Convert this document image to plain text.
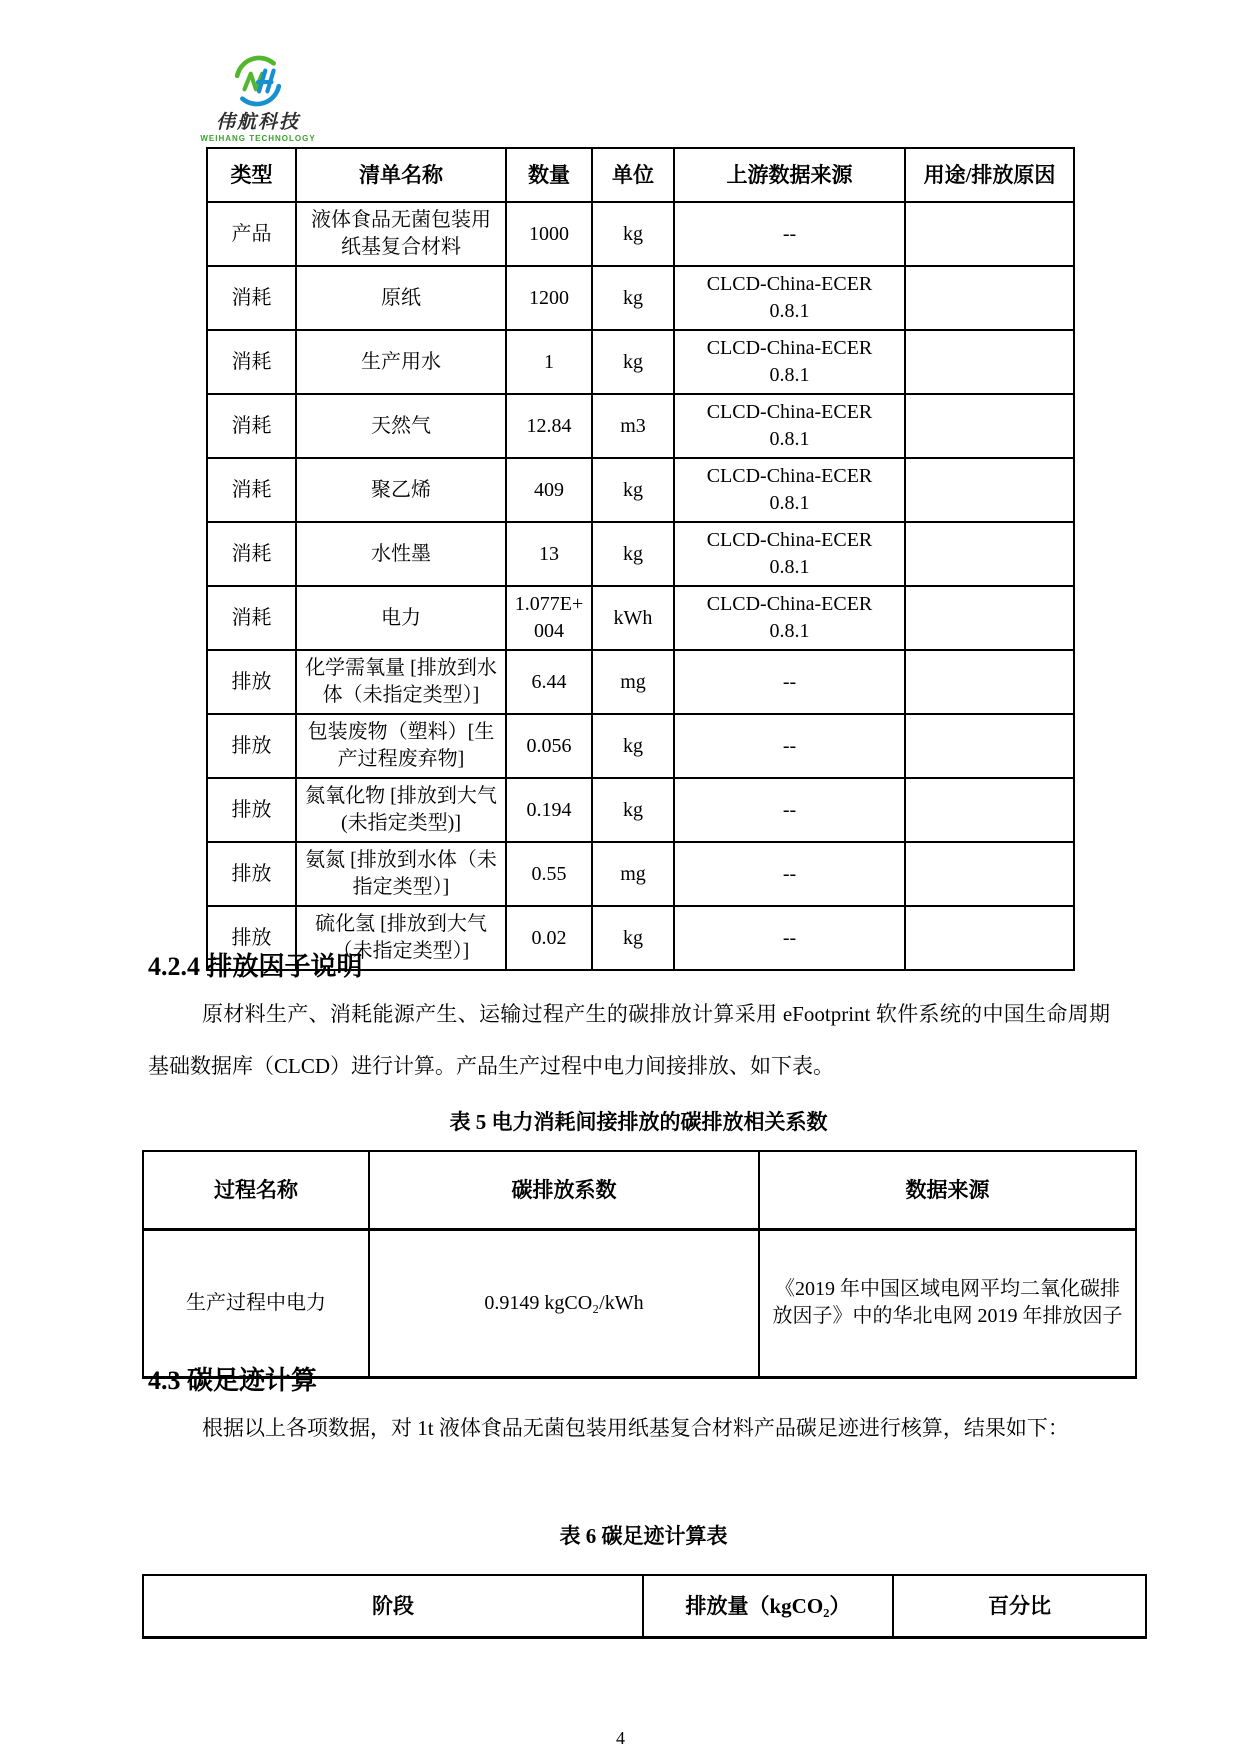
伟航科技
WEIHANG TECHNOLOGY
类型	清单名称	数量	单位	上游数据来源	用途/排放原因
产品	液体食品无菌包装用纸基复合材料	1000	kg	--	
消耗	原纸	1200	kg	CLCD-China-ECER 0.8.1	
消耗	生产用水	1	kg	CLCD-China-ECER 0.8.1	
消耗	天然气	12.84	m3	CLCD-China-ECER 0.8.1	
消耗	聚乙烯	409	kg	CLCD-China-ECER 0.8.1	
消耗	水性墨	13	kg	CLCD-China-ECER 0.8.1	
消耗	电力	1.077E+004	kWh	CLCD-China-ECER 0.8.1	
排放	化学需氧量 [排放到水体（未指定类型）]	6.44	mg	--	
排放	包装废物（塑料）[生产过程废弃物]	0.056	kg	--	
排放	氮氧化物 [排放到大气(未指定类型)]	0.194	kg	--	
排放	氨氮 [排放到水体（未指定类型）]	0.55	mg	--	
排放	硫化氢 [排放到大气（未指定类型）]	0.02	kg	--	
4.2.4 排放因子说明
原材料生产、消耗能源产生、运输过程产生的碳排放计算采用 eFootprint 软件系统的中国生命周期基础数据库（CLCD）进行计算。产品生产过程中电力间接排放、如下表。
表 5 电力消耗间接排放的碳排放相关系数
过程名称	碳排放系数	数据来源
生产过程中电力	0.9149 kgCO₂/kWh	《2019 年中国区域电网平均二氧化碳排放因子》中的华北电网 2019 年排放因子
4.3 碳足迹计算
根据以上各项数据，对 1t 液体食品无菌包装用纸基复合材料产品碳足迹进行核算，结果如下：
表 6 碳足迹计算表
阶段	排放量（kgCO₂）	百分比
4
